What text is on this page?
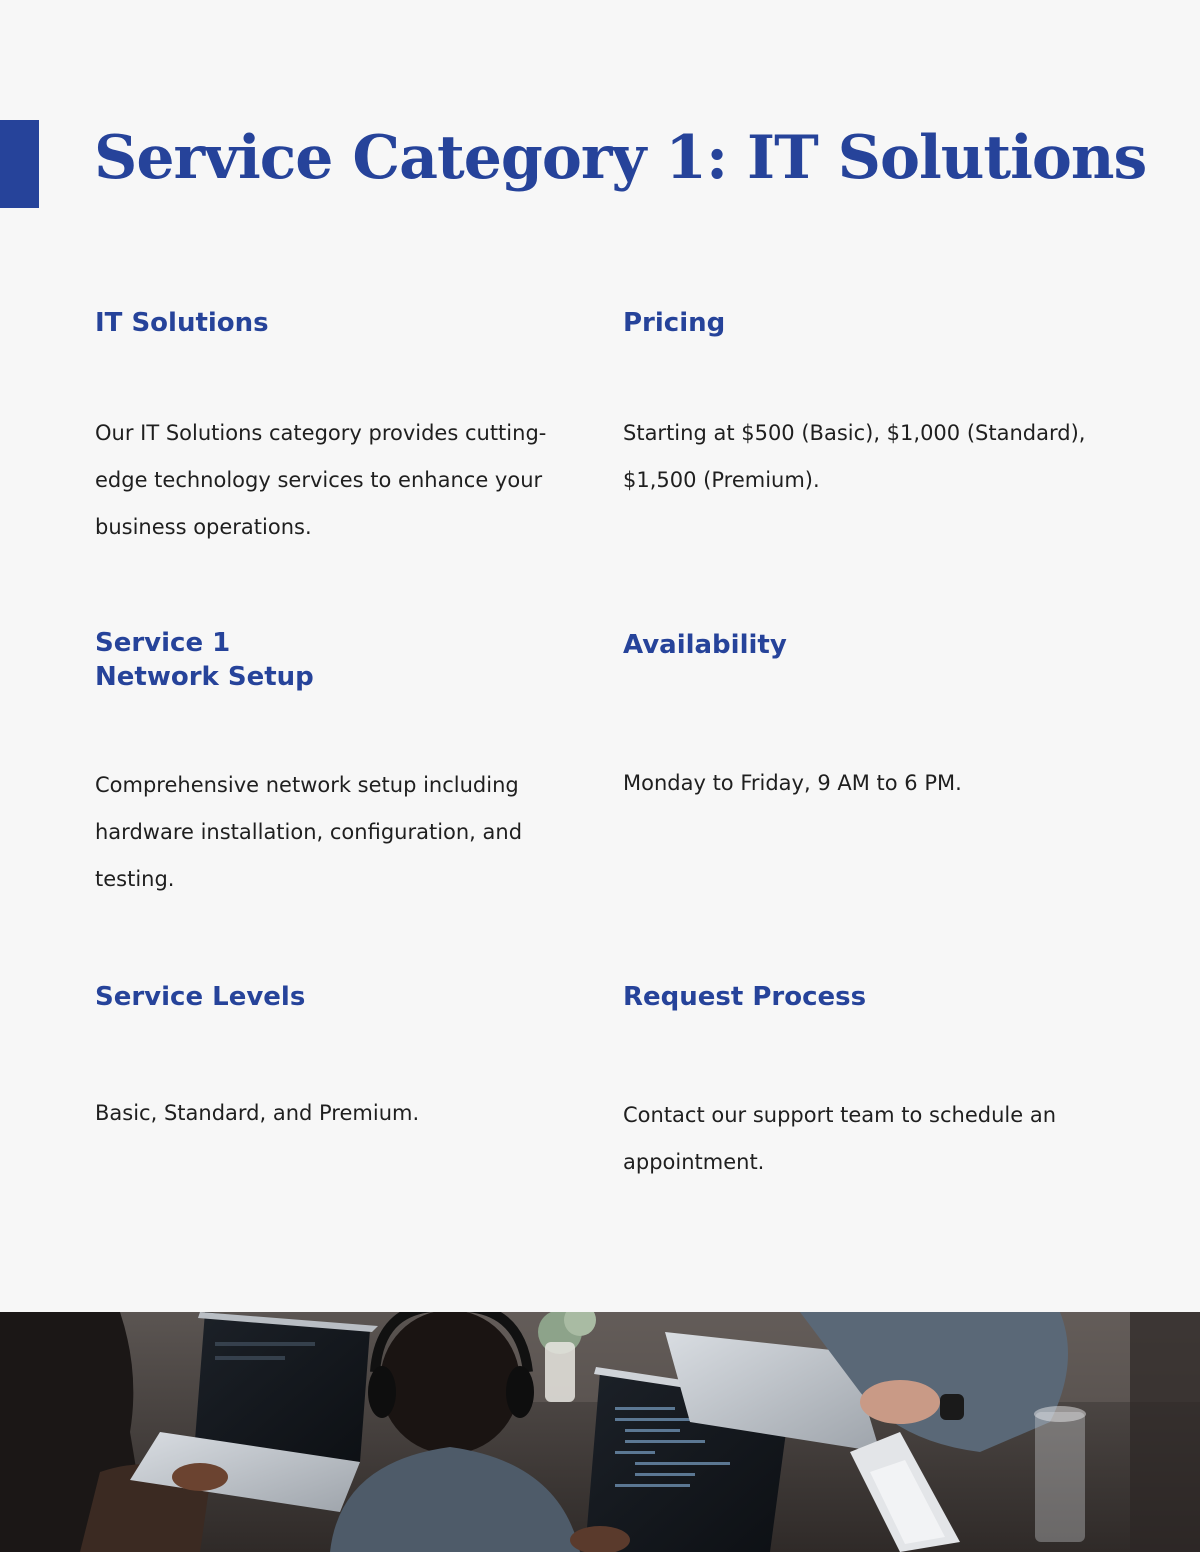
Service Category 1: IT Solutions
IT Solutions

Our IT Solutions category provides cutting-edge technology services to enhance your business operations.

Pricing

Starting at $500 (Basic), $1,000 (Standard), $1,500 (Premium).

Service 1
Network Setup

Comprehensive network setup including hardware installation, configuration, and testing.

Availability

Monday to Friday, 9 AM to 6 PM.

Service Levels

Basic, Standard, and Premium.

Request Process

Contact our support team to schedule an appointment.
